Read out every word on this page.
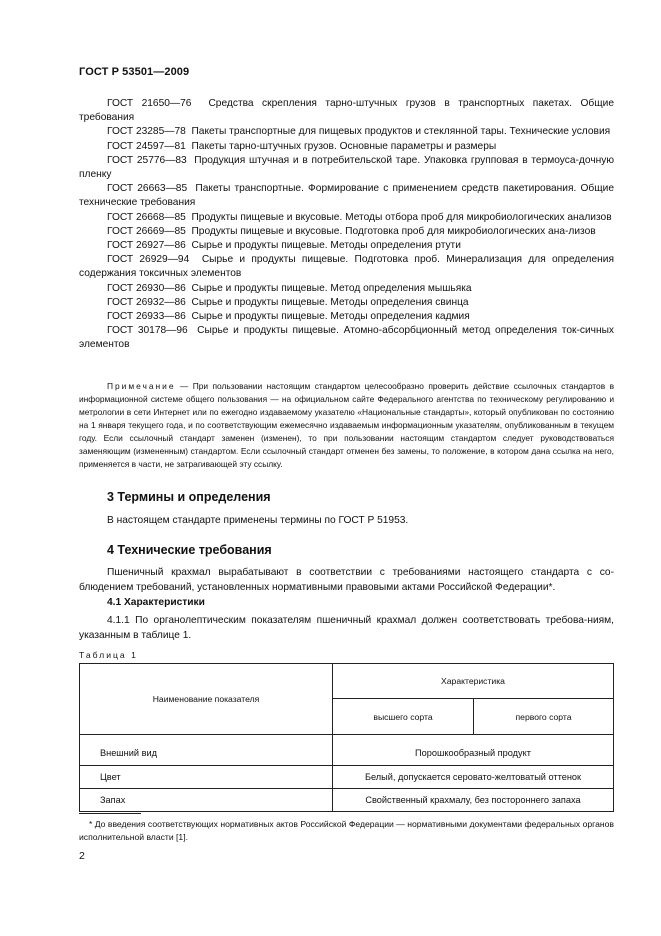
ГОСТ Р 53501—2009
ГОСТ 21650—76 Средства скрепления тарно-штучных грузов в транспортных пакетах. Общие требования
ГОСТ 23285—78 Пакеты транспортные для пищевых продуктов и стеклянной тары. Технические условия
ГОСТ 24597—81 Пакеты тарно-штучных грузов. Основные параметры и размеры
ГОСТ 25776—83 Продукция штучная и в потребительской таре. Упаковка групповая в термоуса-дочную пленку
ГОСТ 26663—85 Пакеты транспортные. Формирование с применением средств пакетирования. Общие технические требования
ГОСТ 26668—85 Продукты пищевые и вкусовые. Методы отбора проб для микробиологических анализов
ГОСТ 26669—85 Продукты пищевые и вкусовые. Подготовка проб для микробиологических ана-лизов
ГОСТ 26927—86 Сырье и продукты пищевые. Методы определения ртути
ГОСТ 26929—94 Сырье и продукты пищевые. Подготовка проб. Минерализация для определения содержания токсичных элементов
ГОСТ 26930—86 Сырье и продукты пищевые. Метод определения мышьяка
ГОСТ 26932—86 Сырье и продукты пищевые. Методы определения свинца
ГОСТ 26933—86 Сырье и продукты пищевые. Методы определения кадмия
ГОСТ 30178—96 Сырье и продукты пищевые. Атомно-абсорбционный метод определения ток-сичных элементов
Примечание — При пользовании настоящим стандартом целесообразно проверить действие ссылочных стандартов в информационной системе общего пользования — на официальном сайте Федерального агентства по техническому регулированию и метрологии в сети Интернет или по ежегодно издаваемому указателю «Национальные стандарты», который опубликован по состоянию на 1 января текущего года, и по соответствующим ежемесячно издаваемым информационным указателям, опубликованным в текущем году. Если ссылочный стандарт заменен (изменен), то при пользовании настоящим стандартом следует руководствоваться заменяющим (измененным) стандартом. Если ссылочный стандарт отменен без замены, то положение, в котором дана ссылка на него, применяется в части, не затрагивающей эту ссылку.
3 Термины и определения
В настоящем стандарте применены термины по ГОСТ Р 51953.
4 Технические требования
Пшеничный крахмал вырабатывают в соответствии с требованиями настоящего стандарта с со-блюдением требований, установленных нормативными правовыми актами Российской Федерации*.
4.1 Характеристики
4.1.1 По органолептическим показателям пшеничный крахмал должен соответствовать требова-ниям, указанным в таблице 1.
Таблица 1
Наименование показателя	Характеристика	
	высшего сорта	первого сорта
Внешний вид	Порошкообразный продукт	
Цвет	Белый, допускается серовато-желтоватый оттенок	
Запах	Свойственный крахмалу, без постороннего запаха	
* До введения соответствующих нормативных актов Российской Федерации — нормативными документами федеральных органов исполнительной власти [1].
2
